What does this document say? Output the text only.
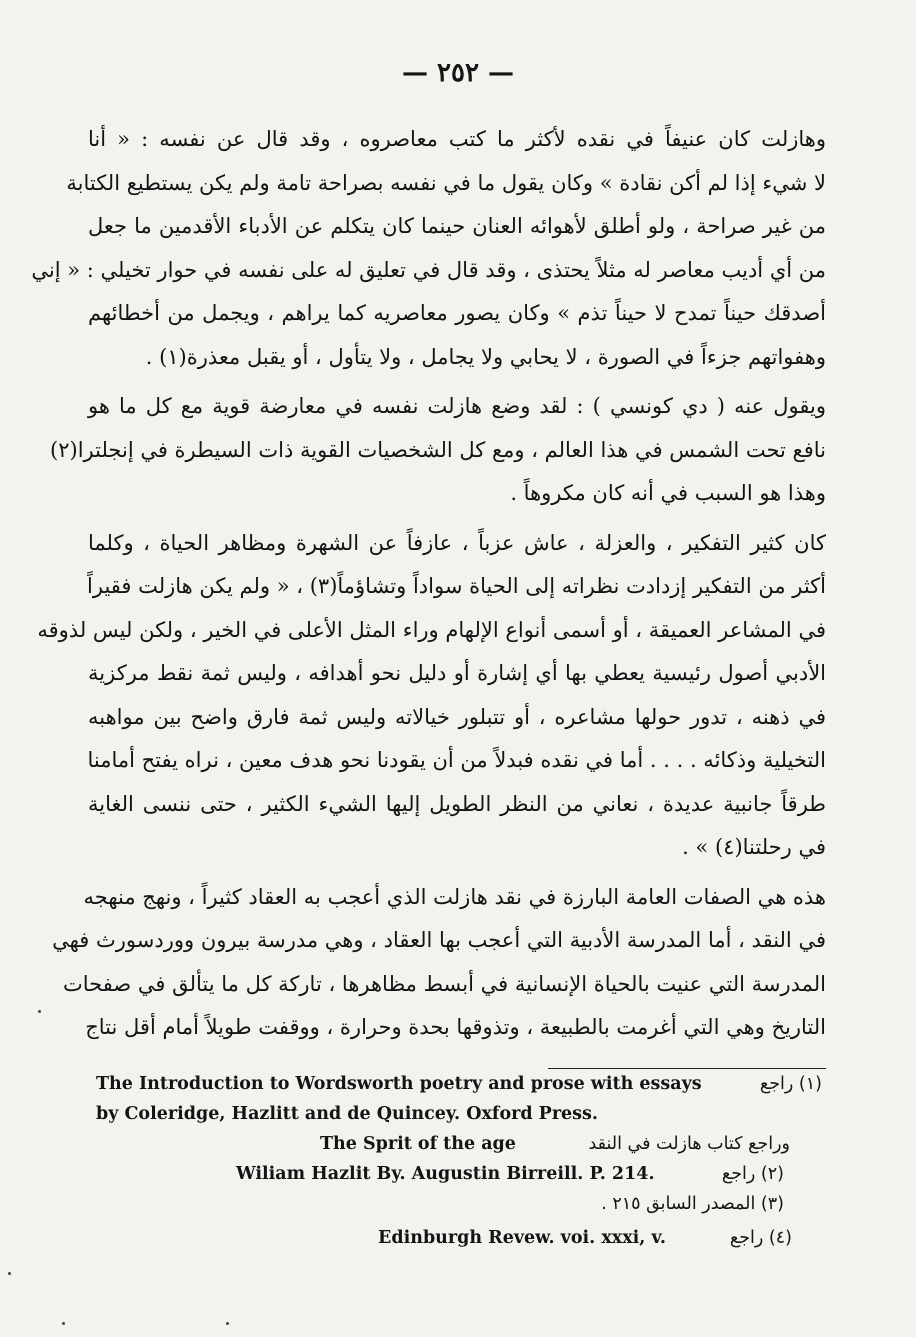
— ٢٥٢ —
وهازلت كان عنيفاً في نقده لأكثر ما كتب معاصروه ، وقد قال عن نفسه : « أنا
لا شيء إذا لم أكن نقادة » وكان يقول ما في نفسه بصراحة تامة ولم يكن يستطيع الكتابة
من غير صراحة ، ولو أطلق لأهوائه العنان حينما كان يتكلم عن الأدباء الأقدمين ما جعل
من أي أديب معاصر له مثلاً يحتذى ، وقد قال في تعليق له على نفسه في حوار تخيلي : « إني
أصدقك حيناً تمدح لا حيناً تذم » وكان يصور معاصريه كما يراهم ، ويجمل من أخطائهم
وهفواتهم جزءاً في الصورة ، لا يحابي ولا يجامل ، ولا يتأول ، أو يقبل معذرة(١) .
ويقول عنه ( دي كونسي ) : لقد وضع هازلت نفسه في معارضة قوية مع كل ما هو
نافع تحت الشمس في هذا العالم ، ومع كل الشخصيات القوية ذات السيطرة في إنجلترا(٢)
وهذا هو السبب في أنه كان مكروهاً .
كان كثير التفكير ، والعزلة ، عاش عزباً ، عازفاً عن الشهرة ومظاهر الحياة ، وكلما
أكثر من التفكير إزدادت نظراته إلى الحياة سواداً وتشاؤماً(٣) ، « ولم يكن هازلت فقيراً
في المشاعر العميقة ، أو أسمى أنواع الإلهام وراء المثل الأعلى في الخير ، ولكن ليس لذوقه
الأدبي أصول رئيسية يعطي بها أي إشارة أو دليل نحو أهدافه ، وليس ثمة نقط مركزية
في ذهنه ، تدور حولها مشاعره ، أو تتبلور خيالاته وليس ثمة فارق واضح بين مواهبه
التخيلية وذكائه . . . . أما في نقده فبدلاً من أن يقودنا نحو هدف معين ، نراه يفتح أمامنا
طرقاً جانبية عديدة ، نعاني من النظر الطويل إليها الشيء الكثير ، حتى ننسى الغاية
في رحلتنا(٤) » .
هذه هي الصفات العامة البارزة في نقد هازلت الذي أعجب به العقاد كثيراً ، ونهج منهجه
في النقد ، أما المدرسة الأدبية التي أعجب بها العقاد ، وهي مدرسة بيرون ووردسورث فهي
المدرسة التي عنيت بالحياة الإنسانية في أبسط مظاهرها ، تاركة كل ما يتألق في صفحات
التاريخ وهي التي أغرمت بالطبيعة ، وتذوقها بحدة وحرارة ، ووقفت طويلاً أمام أقل نتاج
The Introduction to Wordsworth poetry and prose with essays	(١) راجع
by Coleridge, Hazlitt and de Quincey. Oxford Press.
The Sprit of the age	وراجع كتاب هازلت في النقد
Wiliam Hazlit By. Augustin Birreill. P. 214.	(٢) راجع
(٣) المصدر السابق ٢١٥ .
Edinburgh Revew. voi. xxxi, v.	(٤) راجع
